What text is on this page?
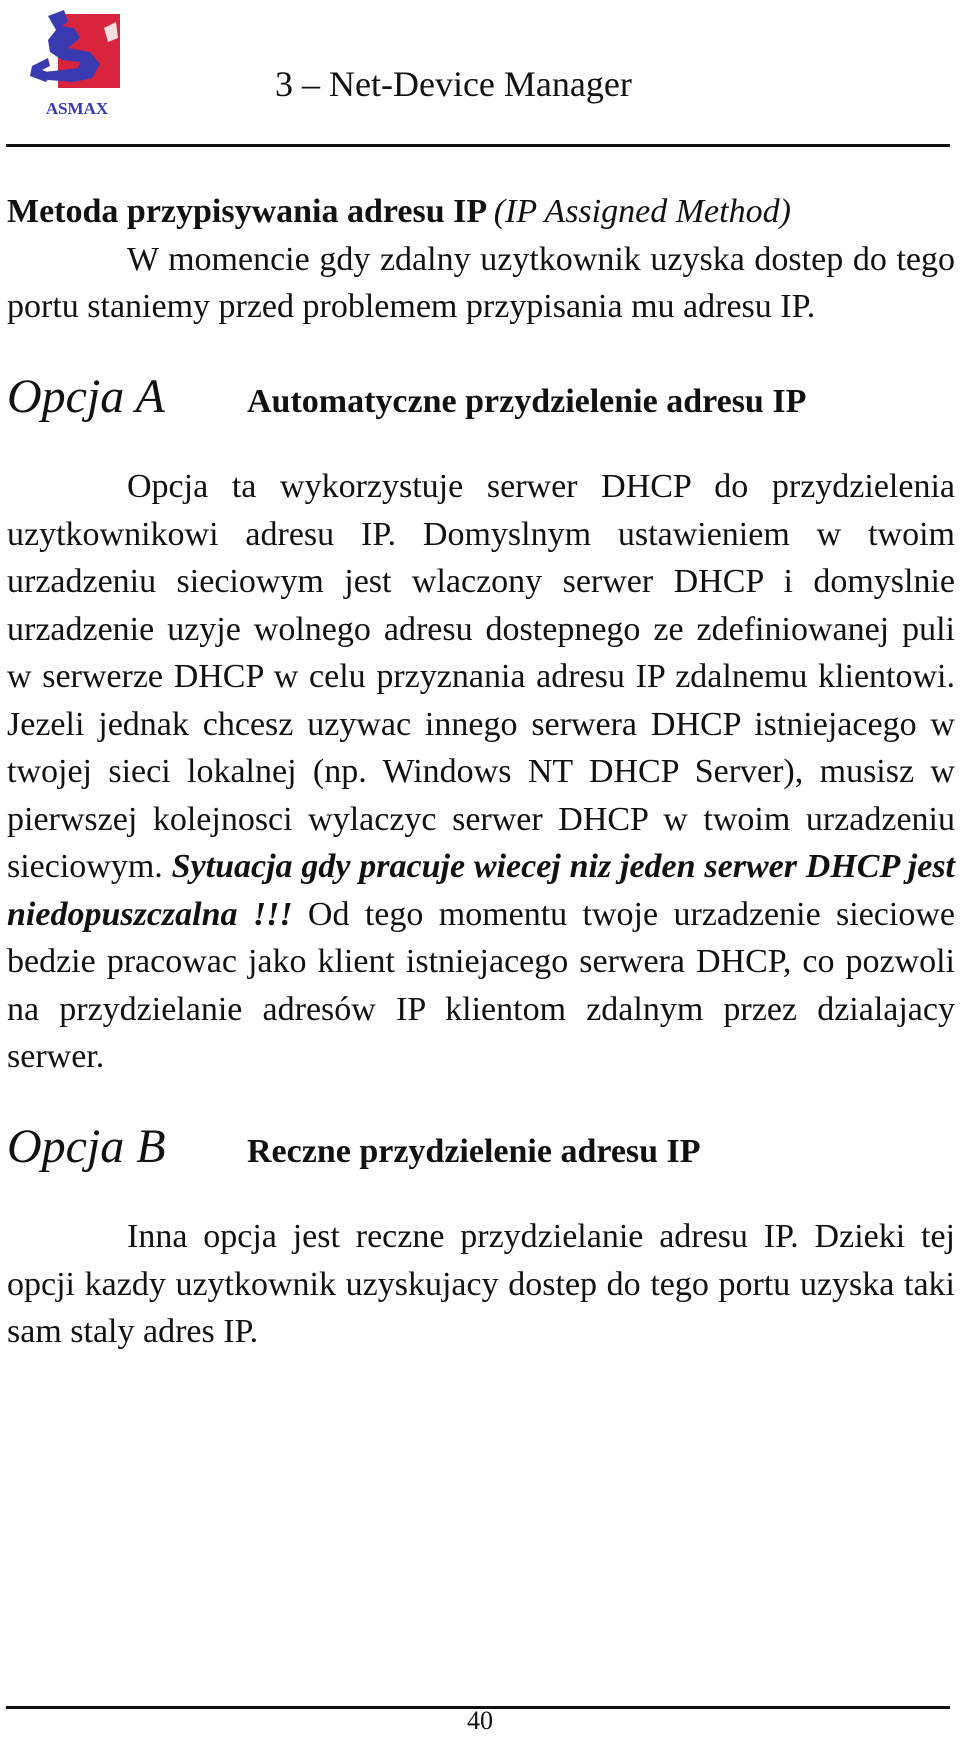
ASMAX
3 – Net-Device Manager

Metoda przypisywania adresu IP (IP Assigned Method)

W momencie gdy zdalny uzytkownik uzyska dostep do tego portu staniemy przed problemem przypisania mu adresu IP.

Opcja A	Automatyczne przydzielenie adresu IP

Opcja ta wykorzystuje serwer DHCP do przydzielenia uzytkownikowi adresu IP. Domyslnym ustawieniem w twoim urzadzeniu sieciowym jest wlaczony serwer DHCP i domyslnie urzadzenie uzyje wolnego adresu dostepnego ze zdefiniowanej puli w serwerze DHCP w celu przyznania adresu IP zdalnemu klientowi. Jezeli jednak chcesz uzywac innego serwera DHCP istniejacego w twojej sieci lokalnej (np. Windows NT DHCP Server), musisz w pierwszej kolejnosci wylaczyc serwer DHCP w twoim urzadzeniu sieciowym. Sytuacja gdy pracuje wiecej niz jeden serwer DHCP jest niedopuszczalna !!! Od tego momentu twoje urzadzenie sieciowe bedzie pracowac jako klient istniejacego serwera DHCP, co pozwoli na przydzielanie adresów IP klientom zdalnym przez dzialajacy serwer.

Opcja B	Reczne przydzielenie adresu IP

Inna opcja jest reczne przydzielanie adresu IP. Dzieki tej opcji kazdy uzytkownik uzyskujacy dostep do tego portu uzyska taki sam staly adres IP.

40
